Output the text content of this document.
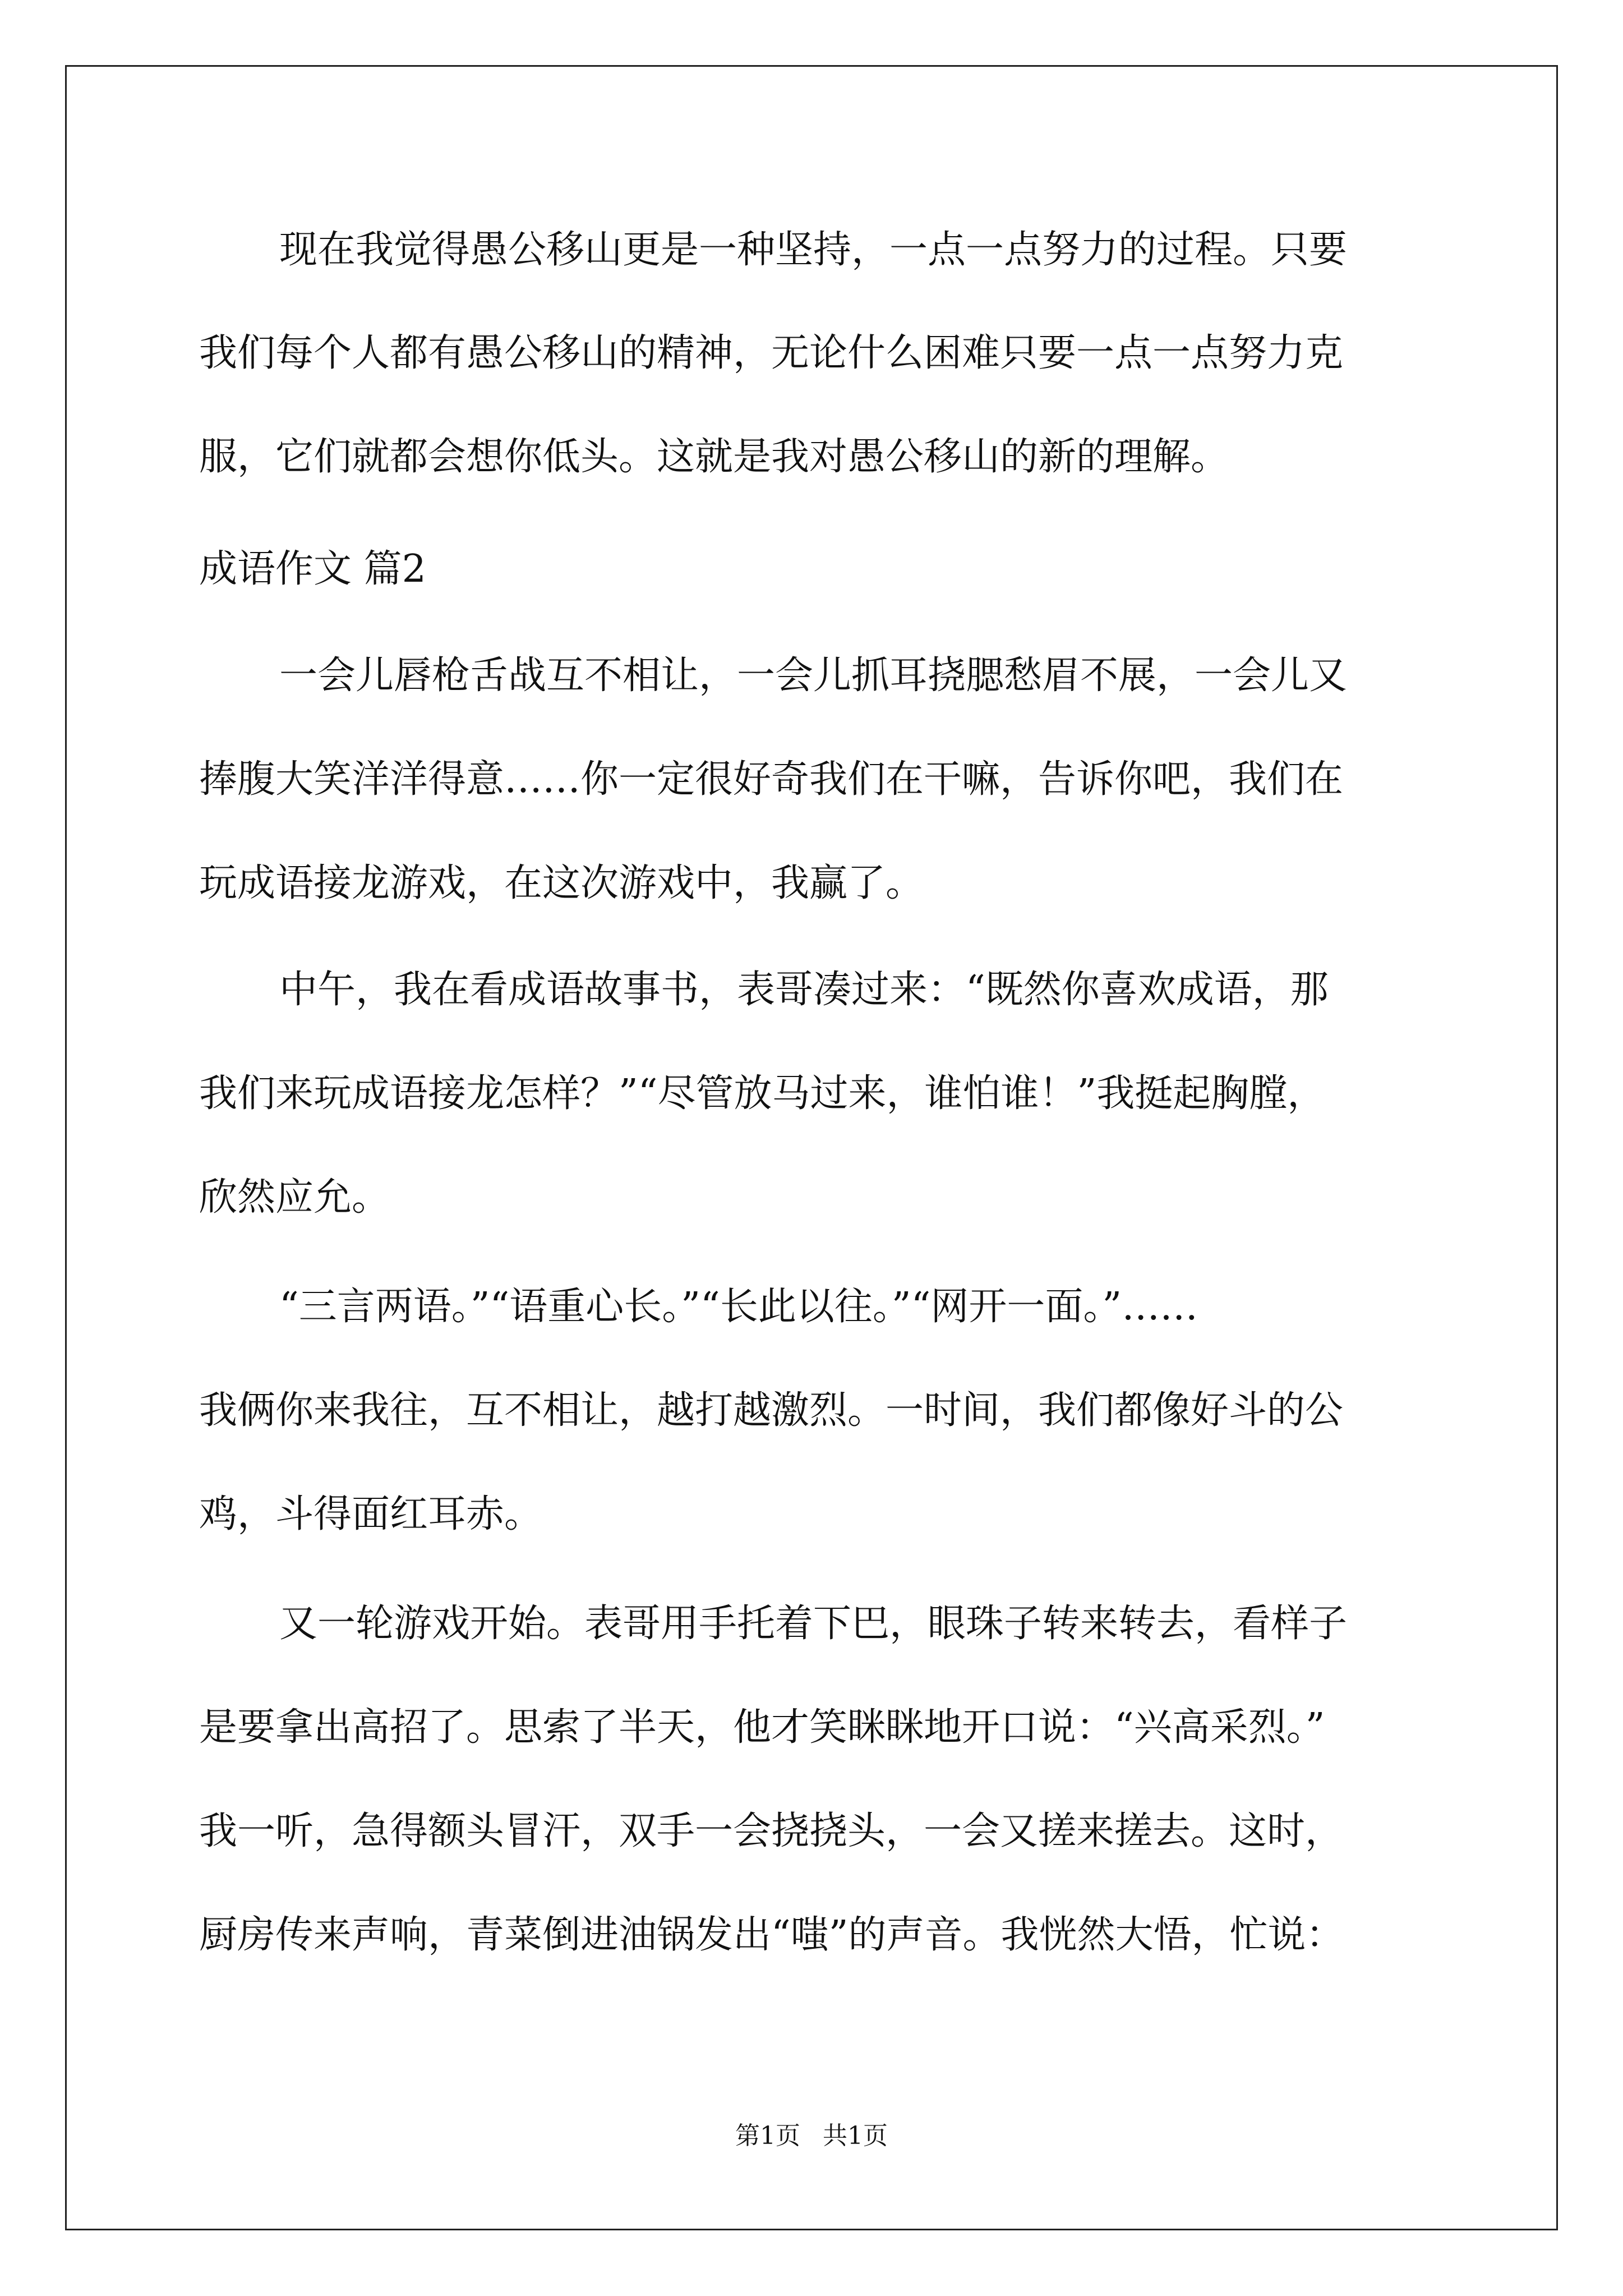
现在我觉得愚公移山更是一种坚持，一点一点努力的过程。只要

我们每个人都有愚公移山的精神，无论什么困难只要一点一点努力克

服，它们就都会想你低头。这就是我对愚公移山的新的理解。

成语作文 篇2

一会儿唇枪舌战互不相让，一会儿抓耳挠腮愁眉不展，一会儿又

捧腹大笑洋洋得意……你一定很好奇我们在干嘛，告诉你吧，我们在

玩成语接龙游戏，在这次游戏中，我赢了。

中午，我在看成语故事书，表哥凑过来：“既然你喜欢成语，那

我们来玩成语接龙怎样？”“尽管放马过来，谁怕谁！”我挺起胸膛，

欣然应允。

“三言两语。”“语重心长。”“长此以往。”“网开一面。”……

我俩你来我往，互不相让，越打越激烈。一时间，我们都像好斗的公

鸡，斗得面红耳赤。

又一轮游戏开始。表哥用手托着下巴，眼珠子转来转去，看样子

是要拿出高招了。思索了半天，他才笑眯眯地开口说：“兴高采烈。”

我一听，急得额头冒汗，双手一会挠挠头，一会又搓来搓去。这时，

厨房传来声响，青菜倒进油锅发出“嗤”的声音。我恍然大悟，忙说：

第1页 共1页
